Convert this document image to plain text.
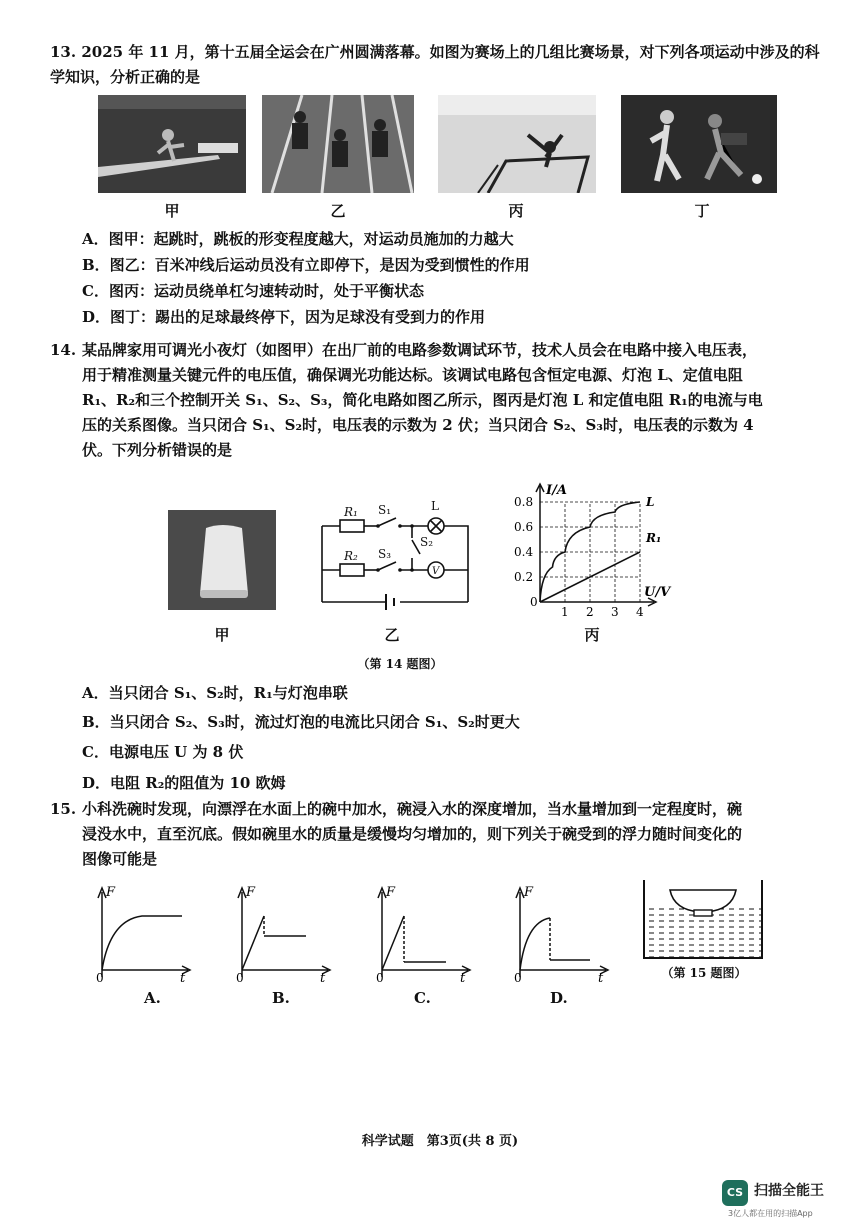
13. 2025 年 11 月，第十五届全运会在广州圆满落幕。如图为赛场上的几组比赛场景，对下列各项运动中涉及的科学知识，分析正确的是
甲	乙	丙	丁
A．图甲：起跳时，跳板的形变程度越大，对运动员施加的力越大
B．图乙：百米冲线后运动员没有立即停下，是因为受到惯性的作用
C．图丙：运动员绕单杠匀速转动时，处于平衡状态
D．图丁：踢出的足球最终停下，因为足球没有受到力的作用
14. 某品牌家用可调光小夜灯（如图甲）在出厂前的电路参数调试环节，技术人员会在电路中接入电压表，
用于精准测量关键元件的电压值，确保调光功能达标。该调试电路包含恒定电源、灯泡 L、定值电阻
R₁、R₂和三个控制开关 S₁、S₂、S₃，简化电路如图乙所示，图丙是灯泡 L 和定值电阻 R₁的电流与电
压的关系图像。当只闭合 S₁、S₂时，电压表的示数为 2 伏；当只闭合 S₂、S₃时，电压表的示数为 4
伏。下列分析错误的是
甲
R₁ S₁	L
S₂
R₂ S₃
V
乙
1 2 3 4
0.2
0.4
0.6
0.8
0
I/A
U/V
L
R₁
丙
（第 14 题图）
A．当只闭合 S₁、S₂时，R₁与灯泡串联
B．当只闭合 S₂、S₃时，流过灯泡的电流比只闭合 S₁、S₂时更大
C．电源电压 U 为 8 伏
D．电阻 R₂的阻值为 10 欧姆
15. 小科洗碗时发现，向漂浮在水面上的碗中加水，碗浸入水的深度增加，当水量增加到一定程度时，碗
浸没水中，直至沉底。假如碗里水的质量是缓慢均匀增加的，则下列关于碗受到的浮力随时间变化的
图像可能是
F
t
0
A.
F
t
0
B.
F
t
0
C.
F
t
0
D.
（第 15 题图）
科学试题　第3页(共 8 页)
CS 扫描全能王
3亿人都在用的扫描App
